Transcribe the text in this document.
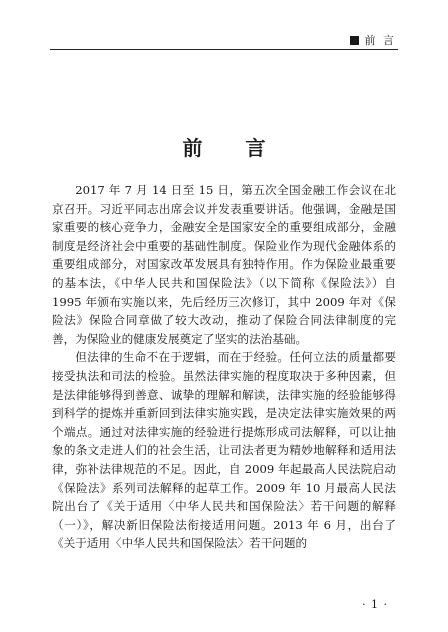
前 言
前 言

2017 年 7 月 14 日至 15 日，第五次全国金融工作会议在北京召开。习近平同志出席会议并发表重要讲话。他强调，金融是国家重要的核心竞争力，金融安全是国家安全的重要组成部分，金融制度是经济社会中重要的基础性制度。保险业作为现代金融体系的重要组成部分，对国家改革发展具有独特作用。作为保险业最重要的基本法，《中华人民共和国保险法》（以下简称《保险法》）自 1995 年颁布实施以来，先后经历三次修订，其中 2009 年对《保险法》保险合同章做了较大改动，推动了保险合同法律制度的完善，为保险业的健康发展奠定了坚实的法治基础。

但法律的生命不在于逻辑，而在于经验。任何立法的质量都要接受执法和司法的检验。虽然法律实施的程度取决于多种因素，但是法律能够得到善意、诚挚的理解和解读，法律实施的经验能够得到科学的提炼并重新回到法律实施实践，是决定法律实施效果的两个端点。通过对法律实施的经验进行提炼形成司法解释，可以让抽象的条文走进人们的社会生活，让司法者更为精妙地解释和适用法律，弥补法律规范的不足。因此，自 2009 年起最高人民法院启动《保险法》系列司法解释的起草工作。2009 年 10 月最高人民法院出台了《关于适用〈中华人民共和国保险法〉若干问题的解释（一）》，解决新旧保险法衔接适用问题。2013 年 6 月，出台了《关于适用〈中华人民共和国保险法〉若干问题的

· 1 ·
